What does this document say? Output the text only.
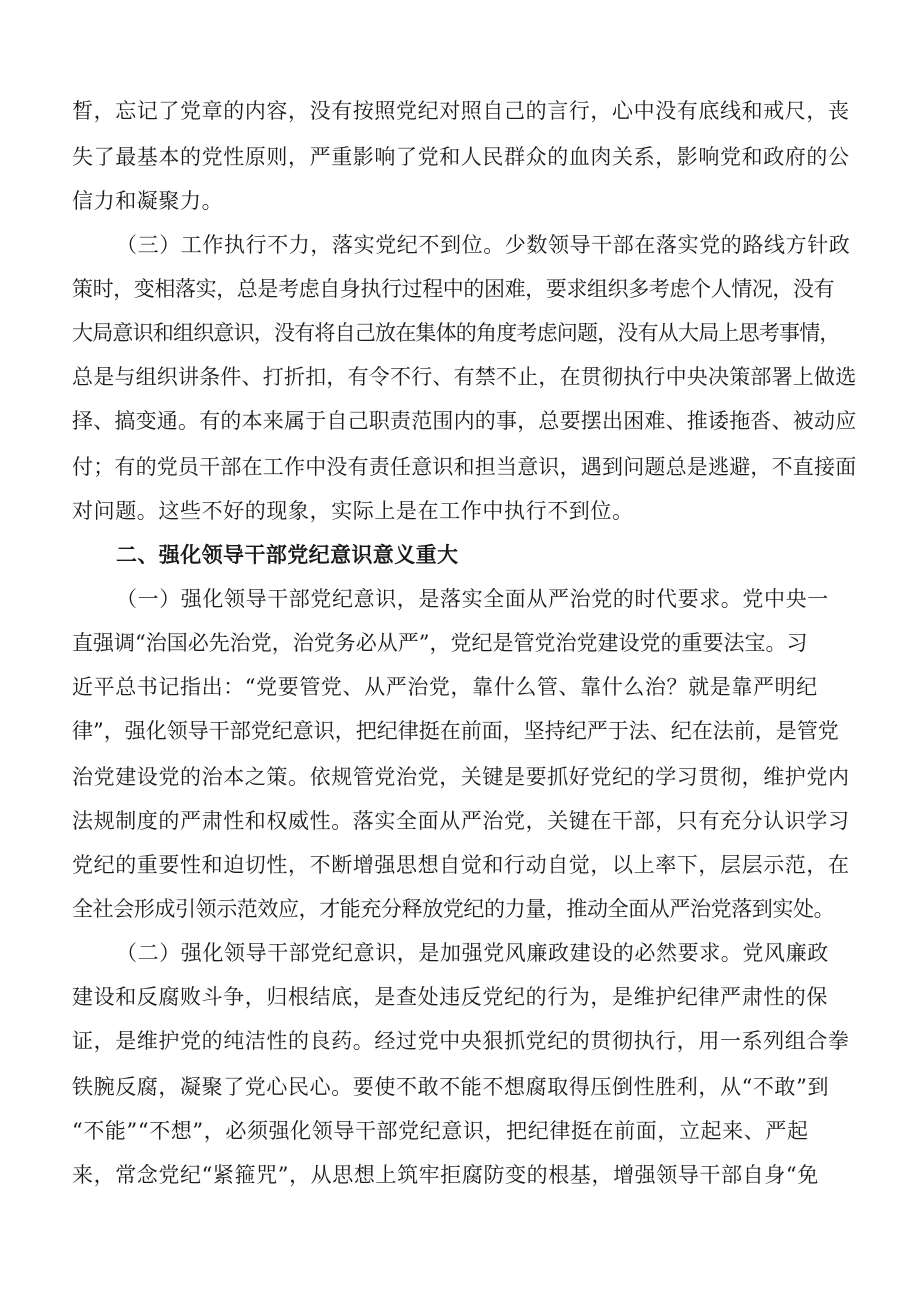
晳，忘记了党章的内容，没有按照党纪对照自己的言行，心中没有底线和戒尺，丧
失了最基本的党性原则，严重影响了党和人民群众的血肉关系，影响党和政府的公
信力和凝聚力。
（三）工作执行不力，落实党纪不到位。少数领导干部在落实党的路线方针政
策时，变相落实，总是考虑自身执行过程中的困难，要求组织多考虑个人情况，没有
大局意识和组织意识，没有将自己放在集体的角度考虑问题，没有从大局上思考事情，
总是与组织讲条件、打折扣，有令不行、有禁不止，在贯彻执行中央决策部署上做选
择、搞变通。有的本来属于自己职责范围内的事，总要摆出困难、推诿拖沓、被动应
付；有的党员干部在工作中没有责任意识和担当意识，遇到问题总是逃避，不直接面
对问题。这些不好的现象，实际上是在工作中执行不到位。
二、强化领导干部党纪意识意义重大
（一）强化领导干部党纪意识，是落实全面从严治党的时代要求。党中央一
直强调“治国必先治党，治党务必从严”，党纪是管党治党建设党的重要法宝。习
近平总书记指出：“党要管党、从严治党，靠什么管、靠什么治？就是靠严明纪
律”，强化领导干部党纪意识，把纪律挺在前面，坚持纪严于法、纪在法前，是管党
治党建设党的治本之策。依规管党治党，关键是要抓好党纪的学习贯彻，维护党内
法规制度的严肃性和权威性。落实全面从严治党，关键在干部，只有充分认识学习
党纪的重要性和迫切性，不断增强思想自觉和行动自觉，以上率下，层层示范，在
全社会形成引领示范效应，才能充分释放党纪的力量，推动全面从严治党落到实处。
（二）强化领导干部党纪意识，是加强党风廉政建设的必然要求。党风廉政
建设和反腐败斗争，归根结底，是查处违反党纪的行为，是维护纪律严肃性的保
证，是维护党的纯洁性的良药。经过党中央狠抓党纪的贯彻执行，用一系列组合拳
铁腕反腐，凝聚了党心民心。要使不敢不能不想腐取得压倒性胜利，从“不敢”到
“不能”“不想”，必须强化领导干部党纪意识，把纪律挺在前面，立起来、严起
来，常念党纪“紧箍咒”，从思想上筑牢拒腐防变的根基，增强领导干部自身“免
